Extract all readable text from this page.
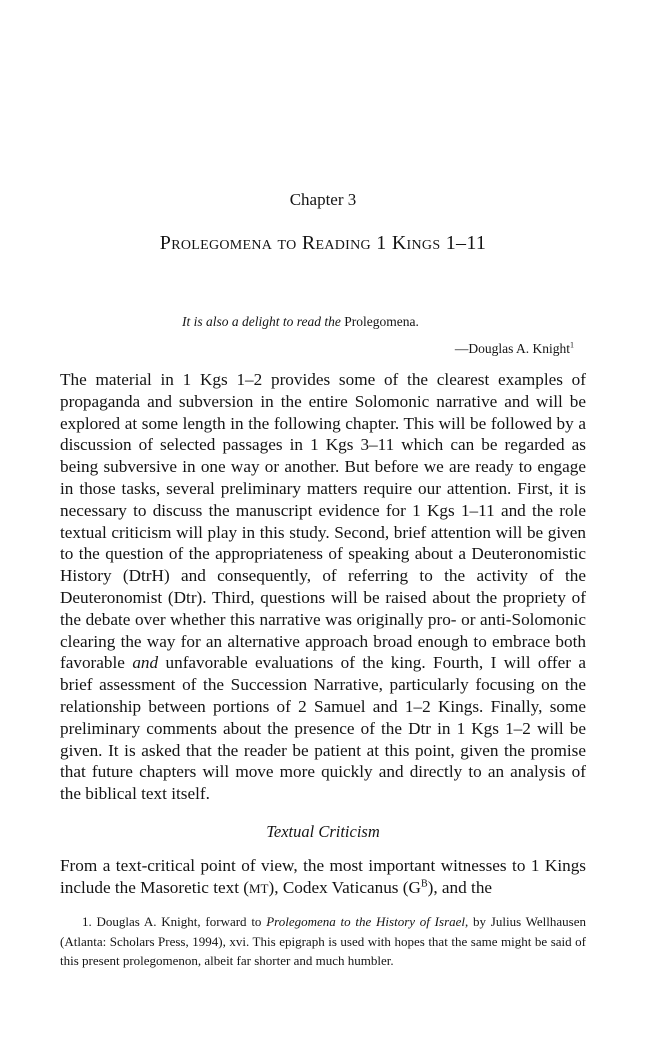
Chapter 3
Prolegomena to Reading 1 Kings 1–11
It is also a delight to read the Prolegomena.
—Douglas A. Knight$^1$

The material in 1 Kgs 1–2 provides some of the clearest examples of propaganda and subversion in the entire Solomonic narrative and will be explored at some length in the following chapter. This will be followed by a discussion of selected passages in 1 Kgs 3–11 which can be regarded as being subversive in one way or another. But before we are ready to engage in those tasks, several preliminary matters require our attention. First, it is necessary to discuss the manuscript evidence for 1 Kgs 1–11 and the role textual criticism will play in this study. Second, brief attention will be given to the question of the appropriateness of speaking about a Deuteronomistic History (DtrH) and consequently, of referring to the activity of the Deuteronomist (Dtr). Third, questions will be raised about the propriety of the debate over whether this narrative was originally pro- or anti-Solomonic clearing the way for an alternative approach broad enough to embrace both favorable and unfavorable evaluations of the king. Fourth, I will offer a brief assessment of the Succession Narrative, particularly focusing on the relationship between portions of 2 Samuel and 1–2 Kings. Finally, some preliminary comments about the presence of the Dtr in 1 Kgs 1–2 will be given. It is asked that the reader be patient at this point, given the promise that future chapters will move more quickly and directly to an analysis of the biblical text itself.

Textual Criticism

From a text-critical point of view, the most important witnesses to 1 Kings include the Masoretic text (MT), Codex Vaticanus $(G^B)$, and the

1. Douglas A. Knight, forward to Prolegomena to the History of Israel, by Julius Wellhausen (Atlanta: Scholars Press, 1994), xvi. This epigraph is used with hopes that the same might be said of this present prolegomenon, albeit far shorter and much humbler.
